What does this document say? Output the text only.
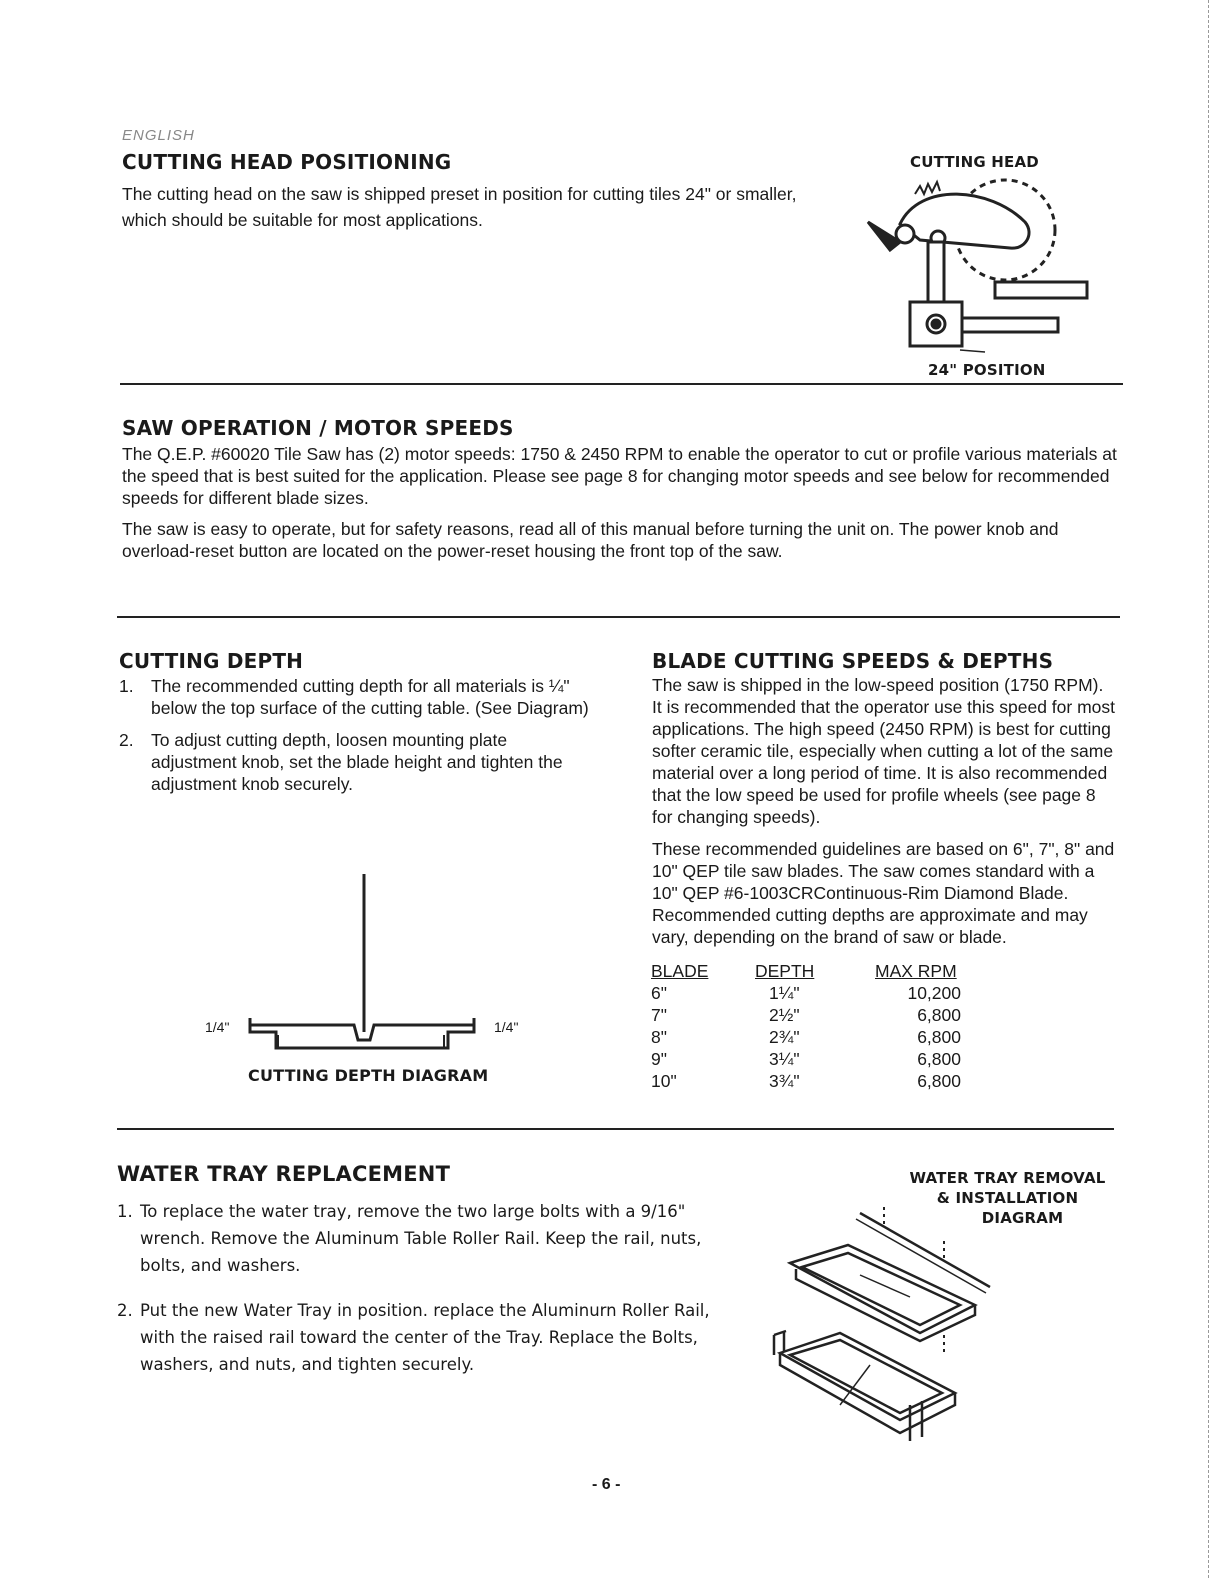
ENGLISH
CUTTING HEAD POSITIONING
The cutting head on the saw is shipped preset in position for cutting tiles 24" or smaller, which should be suitable for most applications.
CUTTING HEAD
24" POSITION
SAW OPERATION / MOTOR SPEEDS
The Q.E.P. #60020 Tile Saw has (2) motor speeds: 1750 & 2450 RPM to enable the operator to cut or profile various materials at the speed that is best suited for the application. Please see page 8 for changing motor speeds and see below for recommended speeds for different blade sizes.
The saw is easy to operate, but for safety reasons, read all of this manual before turning the unit on. The power knob and overload-reset button are located on the power-reset housing the front top of the saw.
CUTTING DEPTH
1. The recommended cutting depth for all materials is ¼" below the top surface of the cutting table. (See Diagram)
2. To adjust cutting depth, loosen mounting plate adjustment knob, set the blade height and tighten the adjustment knob securely.
1/4"	1/4"
CUTTING DEPTH DIAGRAM
BLADE CUTTING SPEEDS & DEPTHS
The saw is shipped in the low-speed position (1750 RPM). It is recommended that the operator use this speed for most applications. The high speed (2450 RPM) is best for cutting softer ceramic tile, especially when cutting a lot of the same material over a long period of time. It is also recommended that the low speed be used for profile wheels (see page 8 for changing speeds).
These recommended guidelines are based on 6", 7", 8" and 10" QEP tile saw blades. The saw comes standard with a 10" QEP #6-1003CRContinuous-Rim Diamond Blade. Recommended cutting depths are approximate and may vary, depending on the brand of saw or blade.
BLADE	DEPTH	MAX RPM
6"	1¼"	10,200
7"	2½"	6,800
8"	2¾"	6,800
9"	3¼"	6,800
10"	3¾"	6,800
WATER TRAY REPLACEMENT
1. To replace the water tray, remove the two large bolts with a 9/16" wrench. Remove the Aluminum Table Roller Rail. Keep the rail, nuts, bolts, and washers.
2. Put the new Water Tray in position. replace the Aluminurn Roller Rail, with the raised rail toward the center of the Tray. Replace the Bolts, washers, and nuts, and tighten securely.
WATER TRAY REMOVAL
& INSTALLATION
DIAGRAM
- 6 -
